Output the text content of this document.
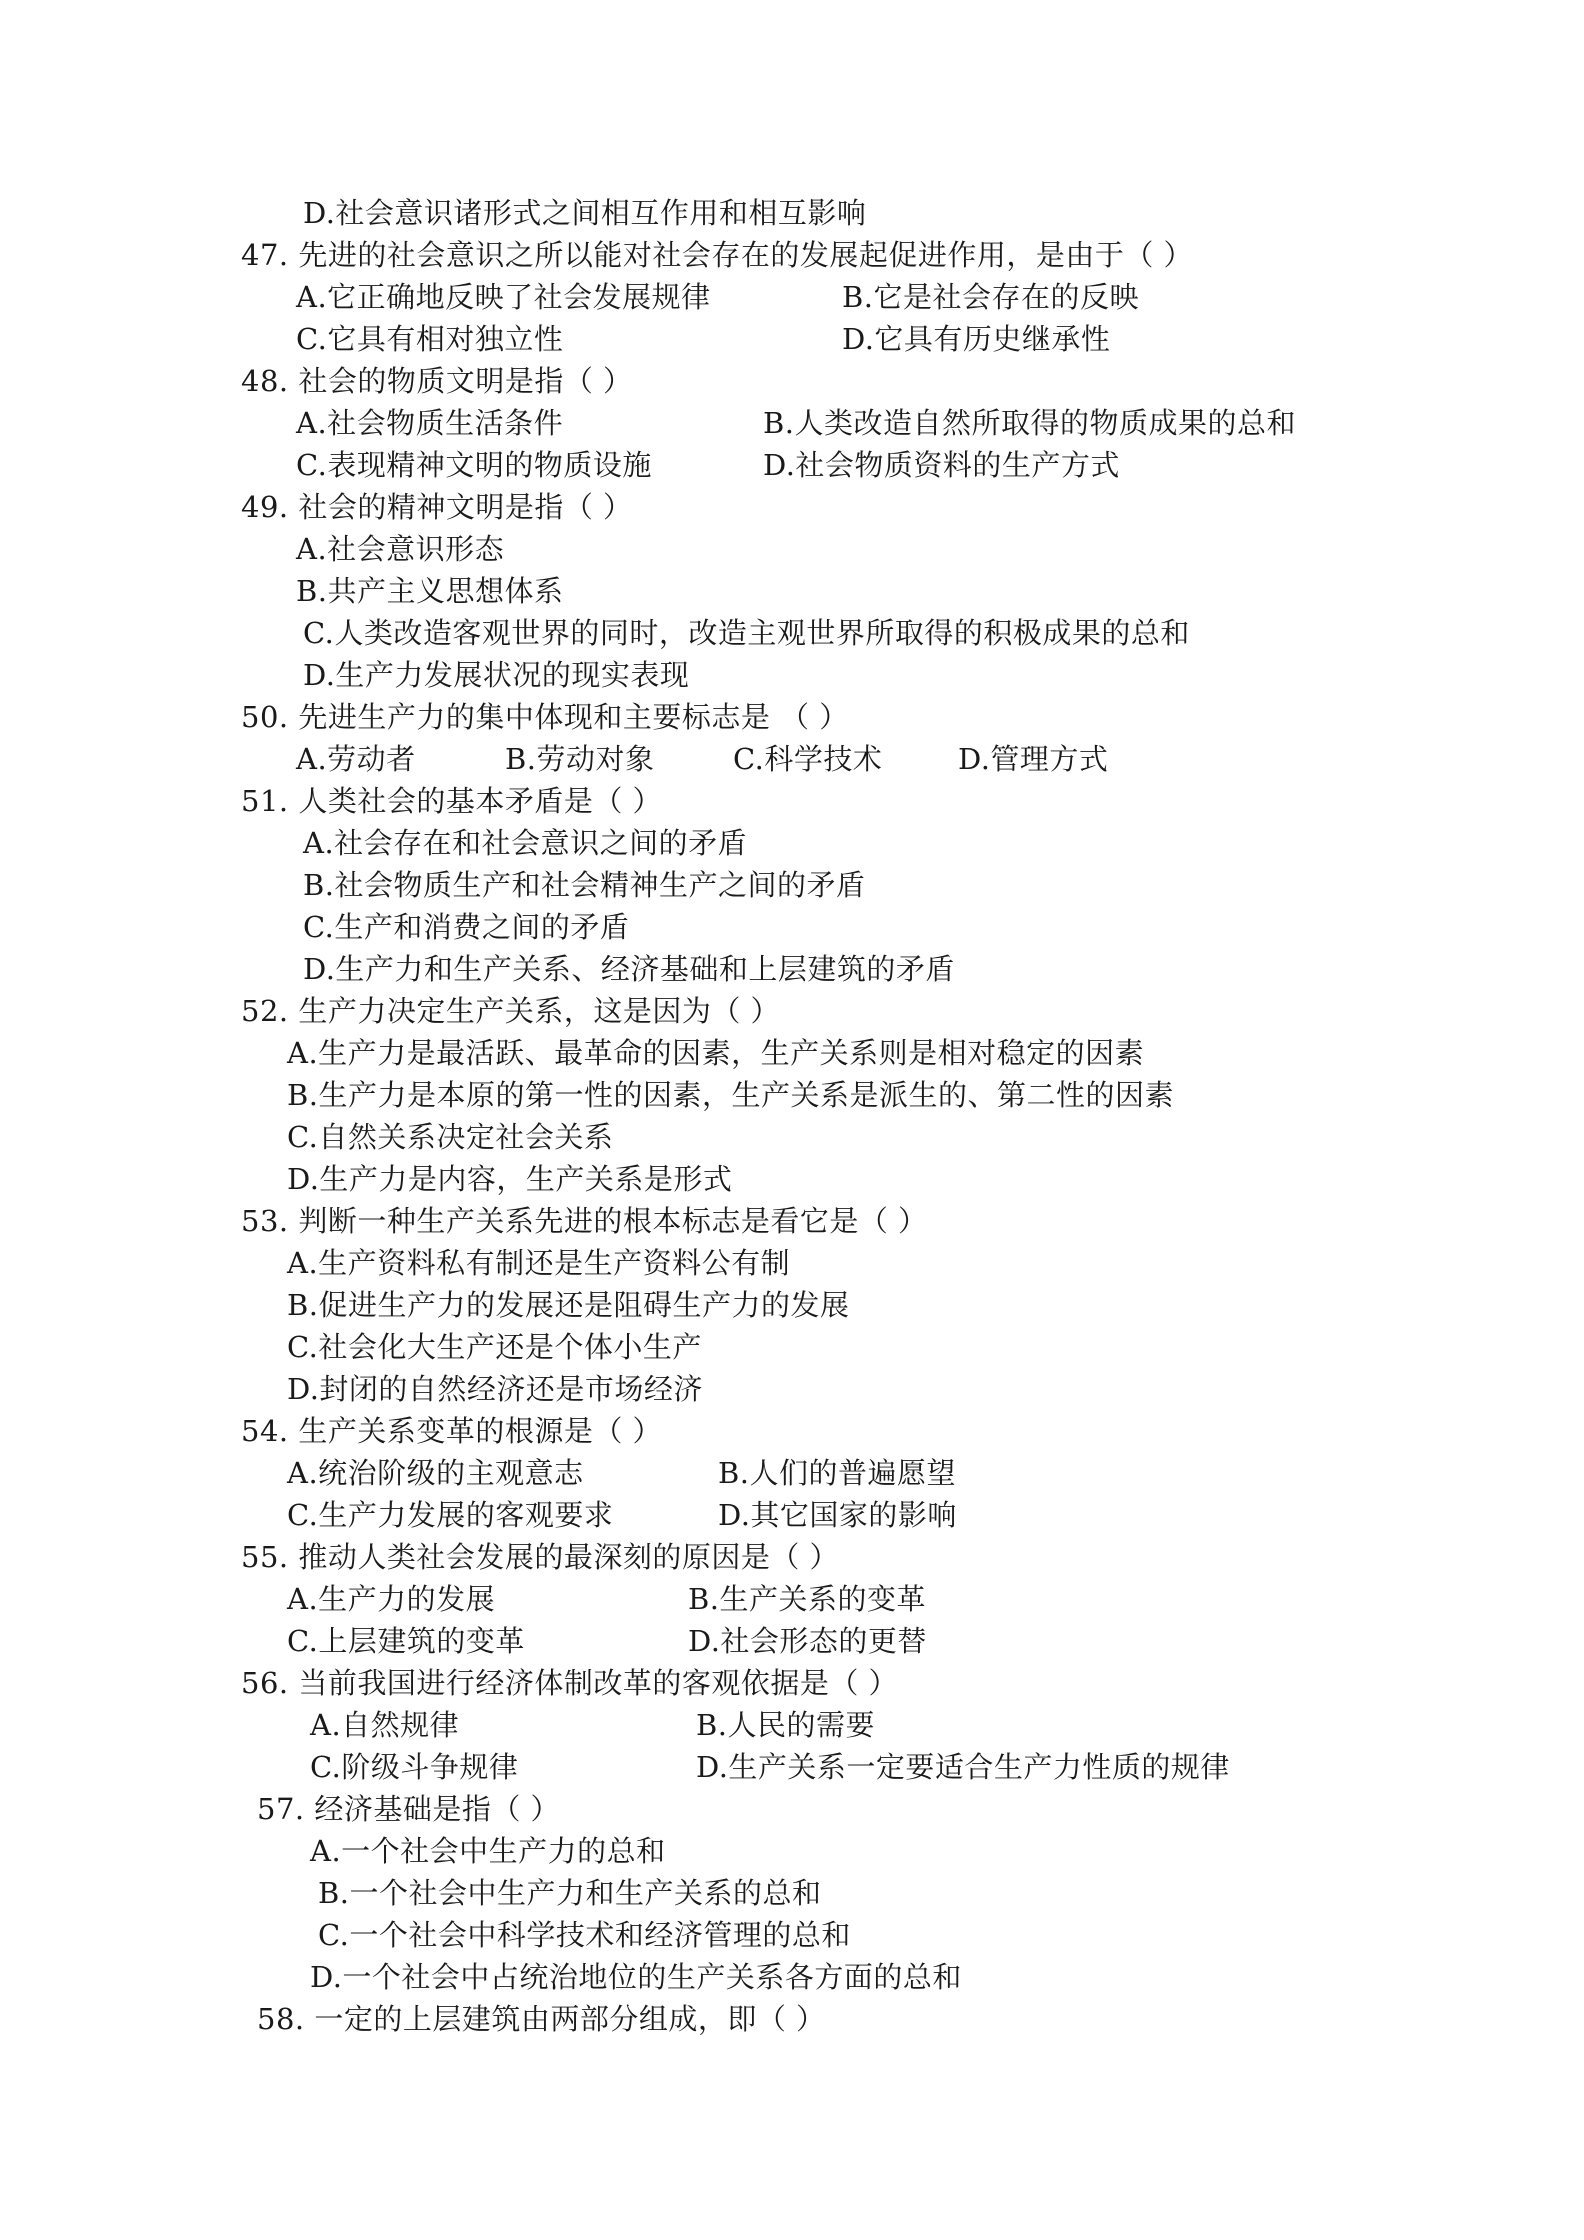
D.社会意识诸形式之间相互作用和相互影响
47. 先进的社会意识之所以能对社会存在的发展起促进作用，是由于（ ）
A.它正确地反映了社会发展规律	B.它是社会存在的反映
C.它具有相对独立性	D.它具有历史继承性
48. 社会的物质文明是指（ ）
A.社会物质生活条件	B.人类改造自然所取得的物质成果的总和
C.表现精神文明的物质设施	D.社会物质资料的生产方式
49. 社会的精神文明是指（ ）
A.社会意识形态
B.共产主义思想体系
C.人类改造客观世界的同时，改造主观世界所取得的积极成果的总和
D.生产力发展状况的现实表现
50. 先进生产力的集中体现和主要标志是 （ ）
A.劳动者	B.劳动对象	C.科学技术	D.管理方式
51. 人类社会的基本矛盾是（ ）
A.社会存在和社会意识之间的矛盾
B.社会物质生产和社会精神生产之间的矛盾
C.生产和消费之间的矛盾
D.生产力和生产关系、经济基础和上层建筑的矛盾
52. 生产力决定生产关系，这是因为（ ）
A.生产力是最活跃、最革命的因素，生产关系则是相对稳定的因素
B.生产力是本原的第一性的因素，生产关系是派生的、第二性的因素
C.自然关系决定社会关系
D.生产力是内容，生产关系是形式
53. 判断一种生产关系先进的根本标志是看它是（ ）
A.生产资料私有制还是生产资料公有制
B.促进生产力的发展还是阻碍生产力的发展
C.社会化大生产还是个体小生产
D.封闭的自然经济还是市场经济
54. 生产关系变革的根源是（ ）
A.统治阶级的主观意志	B.人们的普遍愿望
C.生产力发展的客观要求	D.其它国家的影响
55. 推动人类社会发展的最深刻的原因是（ ）
A.生产力的发展	B.生产关系的变革
C.上层建筑的变革	D.社会形态的更替
56. 当前我国进行经济体制改革的客观依据是（ ）
A.自然规律	B.人民的需要
C.阶级斗争规律	D.生产关系一定要适合生产力性质的规律
57. 经济基础是指（ ）
A.一个社会中生产力的总和
B.一个社会中生产力和生产关系的总和
C.一个社会中科学技术和经济管理的总和
D.一个社会中占统治地位的生产关系各方面的总和
58. 一定的上层建筑由两部分组成，即（ ）
